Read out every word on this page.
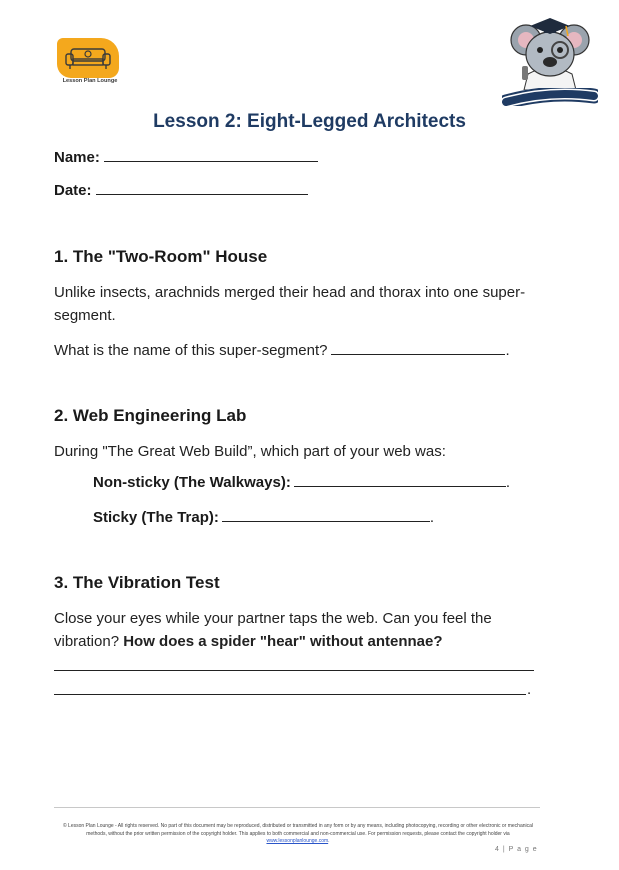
Lesson Plan Lounge
Lesson 2: Eight-Legged Architects
Name:
Date:
1. The "Two-Room" House
Unlike insects, arachnids merged their head and thorax into one super-segment.
What is the name of this super-segment?	.
2. Web Engineering Lab
During "The Great Web Build”, which part of your web was:
Non-sticky (The Walkways):	.
Sticky (The Trap):	.
3. The Vibration Test
Close your eyes while your partner taps the web. Can you feel the vibration? How does a spider "hear" without antennae?
.
© Lesson Plan Lounge - All rights reserved. No part of this document may be reproduced, distributed or transmitted in any form or by any means, including photocopying, recording or other electronic or mechanical methods, without the prior written permission of the copyright holder. This applies to both commercial and non-commercial use. For permission requests, please contact the copyright holder via www.lessonplanlounge.com.
4 | P a g e
